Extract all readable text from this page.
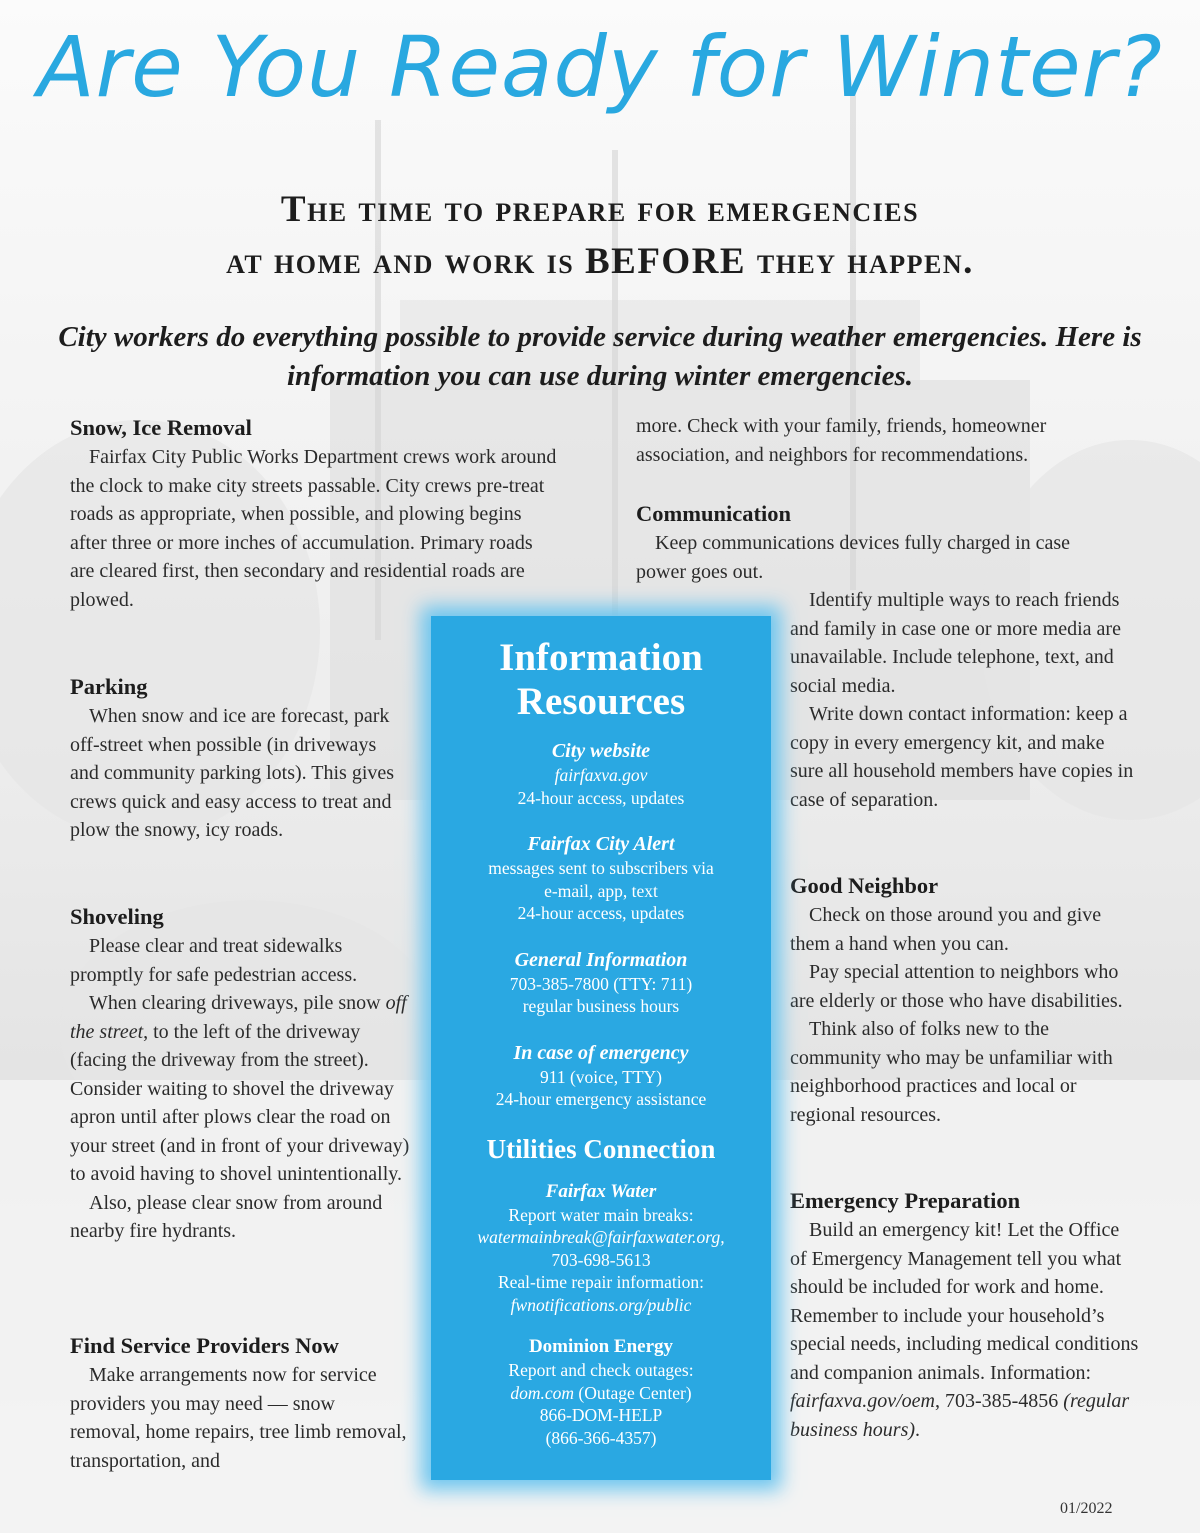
Are You Ready for Winter?
The time to prepare for emergencies
at home and work is BEFORE they happen.
City workers do everything possible to provide service during weather emergencies. Here is information you can use during winter emergencies.
Snow, Ice Removal

Fairfax City Public Works Department crews work around the clock to make city streets passable. City crews pre-treat roads as appropriate, when possible, and plowing begins after three or more inches of accumulation. Primary roads are cleared first, then secondary and residential roads are plowed.

Parking

When snow and ice are forecast, park off-street when possible (in driveways and community parking lots). This gives crews quick and easy access to treat and plow the snowy, icy roads.

Shoveling

Please clear and treat sidewalks promptly for safe pedestrian access.

When clearing driveways, pile snow off the street, to the left of the driveway (facing the driveway from the street). Consider waiting to shovel the driveway apron until after plows clear the road on your street (and in front of your driveway) to avoid having to shovel unintentionally.

Also, please clear snow from around nearby fire hydrants.

Find Service Providers Now

Make arrangements now for service providers you may need — snow removal, home repairs, tree limb removal, transportation, and

more. Check with your family, friends, homeowner association, and neighbors for recommendations.

Communication

Keep communications devices fully charged in case power goes out.

Identify multiple ways to reach friends and family in case one or more media are unavailable. Include telephone, text, and social media.

Write down contact information: keep a copy in every emergency kit, and make sure all household members have copies in case of separation.

Good Neighbor

Check on those around you and give them a hand when you can.

Pay special attention to neighbors who are elderly or those who have disabilities.

Think also of folks new to the community who may be unfamiliar with neighborhood practices and local or regional resources.

Emergency Preparation

Build an emergency kit! Let the Office of Emergency Management tell you what should be included for work and home. Remember to include your household’s special needs, including medical conditions and companion animals. Information: fairfaxva.gov/oem, 703-385-4856 (regular business hours).

Information Resources
City website
fairfaxva.gov
24-hour access, updates
Fairfax City Alert
messages sent to subscribers via
e-mail, app, text
24-hour access, updates
General Information
703-385-7800 (TTY: 711)
regular business hours
In case of emergency
911 (voice, TTY)
24-hour emergency assistance
Utilities Connection
Fairfax Water
Report water main breaks:
watermainbreak@fairfaxwater.org,
703-698-5613
Real-time repair information:
fwnotifications.org/public
Dominion Energy
Report and check outages:
dom.com (Outage Center)
866-DOM-HELP
(866-366-4357)
01/2022
